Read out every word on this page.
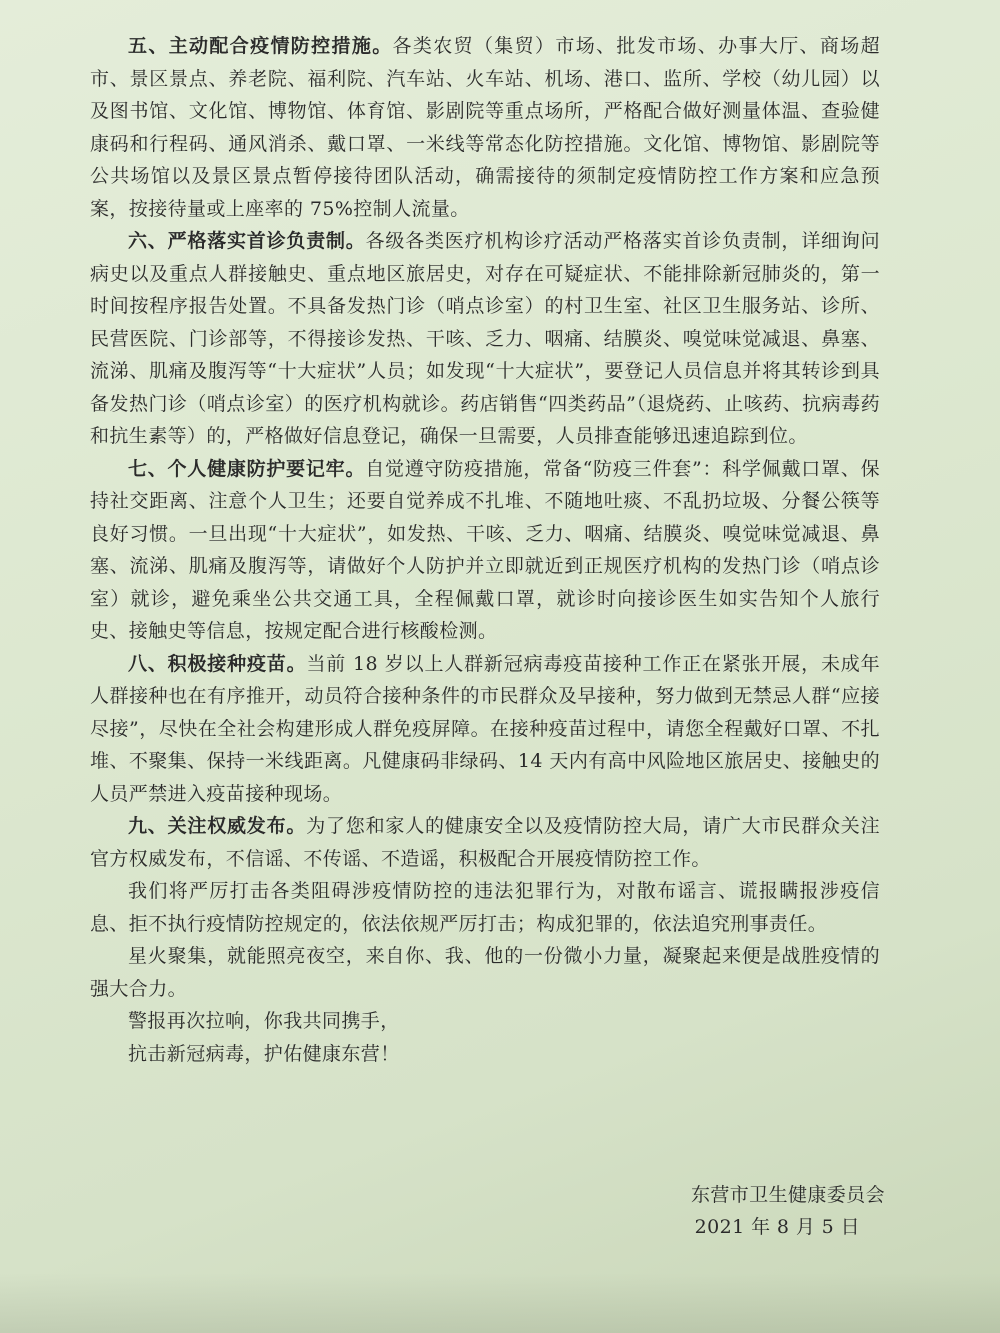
五、主动配合疫情防控措施。各类农贸（集贸）市场、批发市场、办事大厅、商场超市、景区景点、养老院、福利院、汽车站、火车站、机场、港口、监所、学校（幼儿园）以及图书馆、文化馆、博物馆、体育馆、影剧院等重点场所，严格配合做好测量体温、查验健康码和行程码、通风消杀、戴口罩、一米线等常态化防控措施。文化馆、博物馆、影剧院等公共场馆以及景区景点暂停接待团队活动，确需接待的须制定疫情防控工作方案和应急预案，按接待量或上座率的 75%控制人流量。

六、严格落实首诊负责制。各级各类医疗机构诊疗活动严格落实首诊负责制，详细询问病史以及重点人群接触史、重点地区旅居史，对存在可疑症状、不能排除新冠肺炎的，第一时间按程序报告处置。不具备发热门诊（哨点诊室）的村卫生室、社区卫生服务站、诊所、民营医院、门诊部等，不得接诊发热、干咳、乏力、咽痛、结膜炎、嗅觉味觉减退、鼻塞、流涕、肌痛及腹泻等“十大症状”人员；如发现“十大症状”，要登记人员信息并将其转诊到具备发热门诊（哨点诊室）的医疗机构就诊。药店销售“四类药品”（退烧药、止咳药、抗病毒药和抗生素等）的，严格做好信息登记，确保一旦需要，人员排查能够迅速追踪到位。

七、个人健康防护要记牢。自觉遵守防疫措施，常备“防疫三件套”：科学佩戴口罩、保持社交距离、注意个人卫生；还要自觉养成不扎堆、不随地吐痰、不乱扔垃圾、分餐公筷等良好习惯。一旦出现“十大症状”，如发热、干咳、乏力、咽痛、结膜炎、嗅觉味觉减退、鼻塞、流涕、肌痛及腹泻等，请做好个人防护并立即就近到正规医疗机构的发热门诊（哨点诊室）就诊，避免乘坐公共交通工具，全程佩戴口罩，就诊时向接诊医生如实告知个人旅行史、接触史等信息，按规定配合进行核酸检测。

八、积极接种疫苗。当前 18 岁以上人群新冠病毒疫苗接种工作正在紧张开展，未成年人群接种也在有序推开，动员符合接种条件的市民群众及早接种，努力做到无禁忌人群“应接尽接”，尽快在全社会构建形成人群免疫屏障。在接种疫苗过程中，请您全程戴好口罩、不扎堆、不聚集、保持一米线距离。凡健康码非绿码、14 天内有高中风险地区旅居史、接触史的人员严禁进入疫苗接种现场。

九、关注权威发布。为了您和家人的健康安全以及疫情防控大局，请广大市民群众关注官方权威发布，不信谣、不传谣、不造谣，积极配合开展疫情防控工作。

我们将严厉打击各类阻碍涉疫情防控的违法犯罪行为，对散布谣言、谎报瞒报涉疫信息、拒不执行疫情防控规定的，依法依规严厉打击；构成犯罪的，依法追究刑事责任。

星火聚集，就能照亮夜空，来自你、我、他的一份微小力量，凝聚起来便是战胜疫情的强大合力。

警报再次拉响，你我共同携手，

抗击新冠病毒，护佑健康东营！

东营市卫生健康委员会
2021 年 8 月 5 日
